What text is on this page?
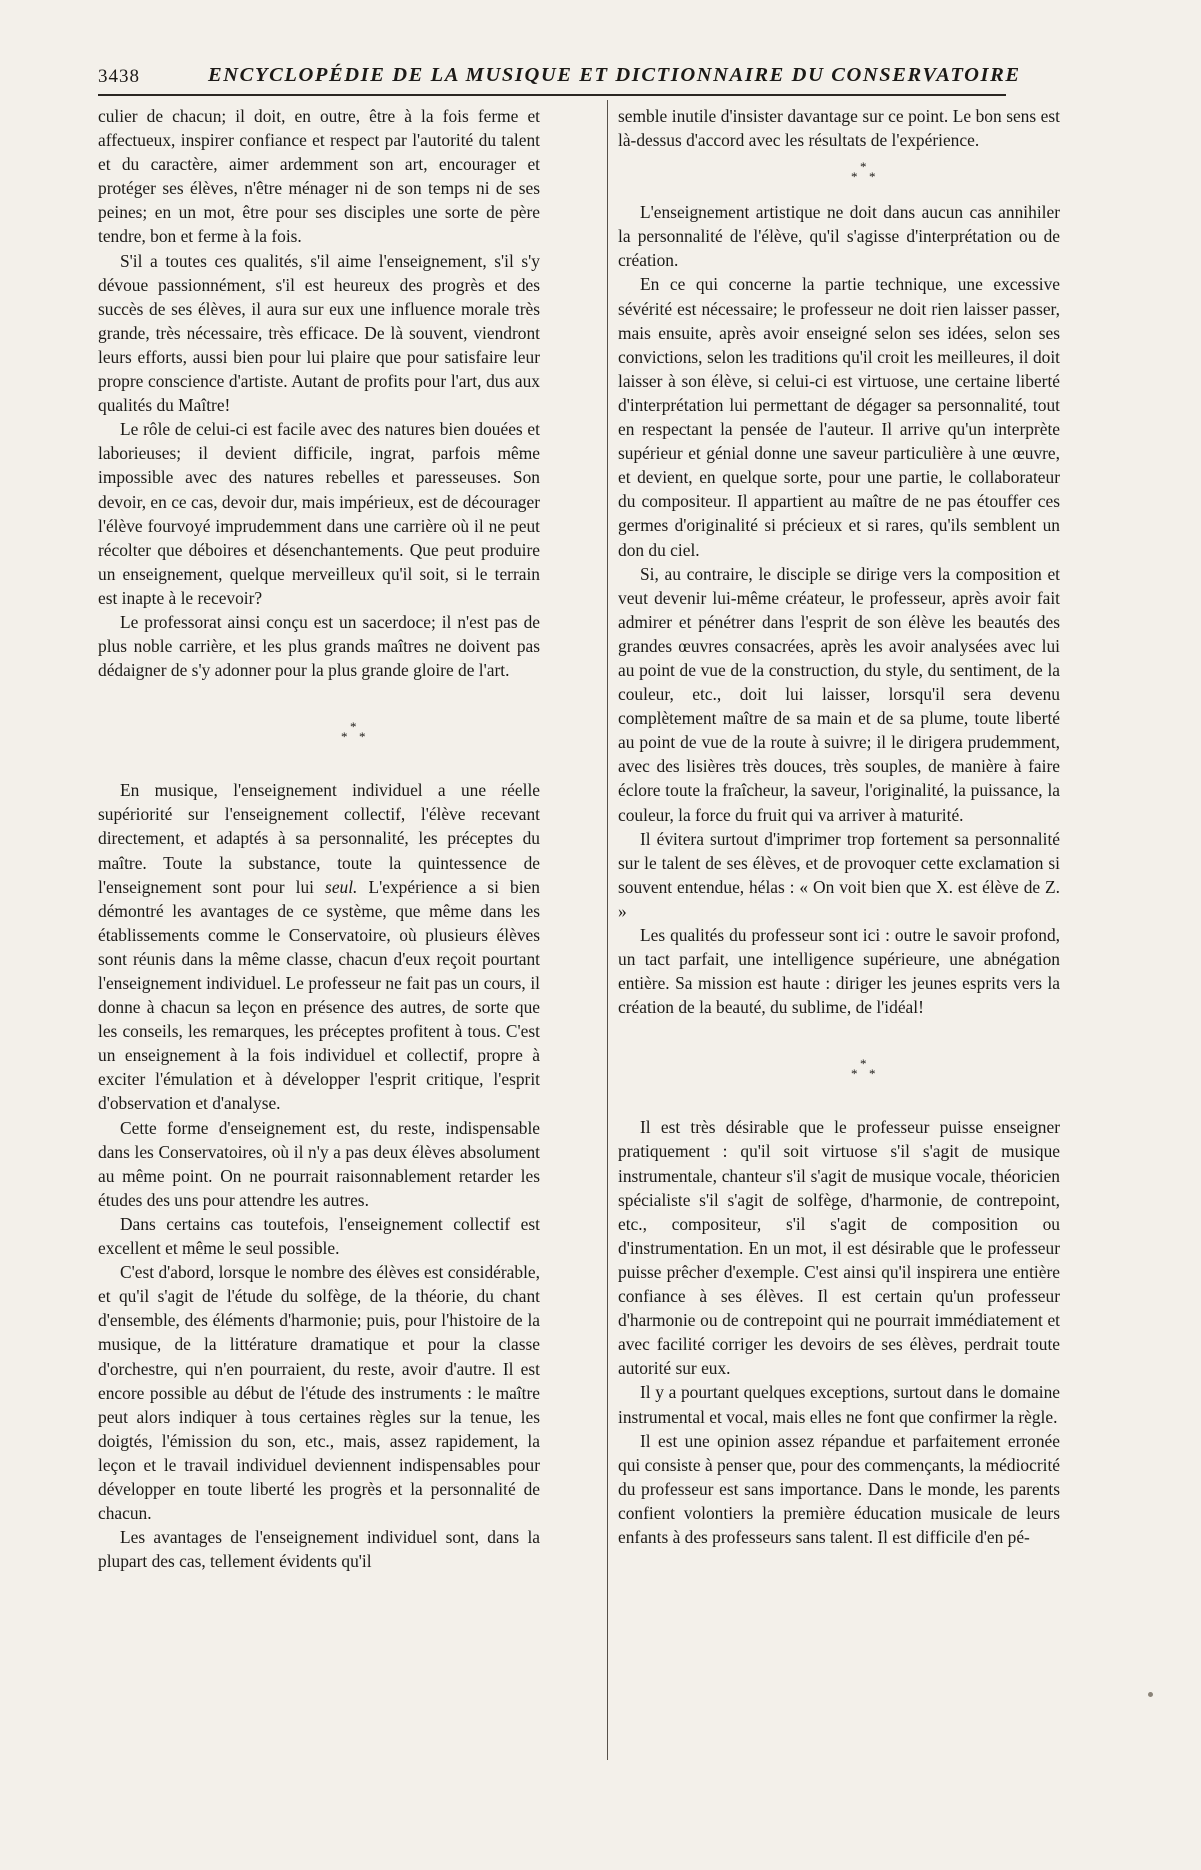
3438	ENCYCLOPÉDIE DE LA MUSIQUE ET DICTIONNAIRE DU CONSERVATOIRE

culier de chacun; il doit, en outre, être à la fois ferme et affectueux, inspirer confiance et respect par l'autorité du talent et du caractère, aimer ardemment son art, encourager et protéger ses élèves, n'être ménager ni de son temps ni de ses peines; en un mot, être pour ses disciples une sorte de père tendre, bon et ferme à la fois.

S'il a toutes ces qualités, s'il aime l'enseignement, s'il s'y dévoue passionnément, s'il est heureux des progrès et des succès de ses élèves, il aura sur eux une influence morale très grande, très nécessaire, très efficace. De là souvent, viendront leurs efforts, aussi bien pour lui plaire que pour satisfaire leur propre conscience d'artiste. Autant de profits pour l'art, dus aux qualités du Maître!

Le rôle de celui-ci est facile avec des natures bien douées et laborieuses; il devient difficile, ingrat, parfois même impossible avec des natures rebelles et paresseuses. Son devoir, en ce cas, devoir dur, mais impérieux, est de décourager l'élève fourvoyé imprudemment dans une carrière où il ne peut récolter que déboires et désenchantements. Que peut produire un enseignement, quelque merveilleux qu'il soit, si le terrain est inapte à le recevoir?

Le professorat ainsi conçu est un sacerdoce; il n'est pas de plus noble carrière, et les plus grands maîtres ne doivent pas dédaigner de s'y adonner pour la plus grande gloire de l'art.

*
* *

En musique, l'enseignement individuel a une réelle supériorité sur l'enseignement collectif, l'élève recevant directement, et adaptés à sa personnalité, les préceptes du maître. Toute la substance, toute la quintessence de l'enseignement sont pour lui seul. L'expérience a si bien démontré les avantages de ce système, que même dans les établissements comme le Conservatoire, où plusieurs élèves sont réunis dans la même classe, chacun d'eux reçoit pourtant l'enseignement individuel. Le professeur ne fait pas un cours, il donne à chacun sa leçon en présence des autres, de sorte que les conseils, les remarques, les préceptes profitent à tous. C'est un enseignement à la fois individuel et collectif, propre à exciter l'émulation et à développer l'esprit critique, l'esprit d'observation et d'analyse.

Cette forme d'enseignement est, du reste, indispensable dans les Conservatoires, où il n'y a pas deux élèves absolument au même point. On ne pourrait raisonnablement retarder les études des uns pour attendre les autres.

Dans certains cas toutefois, l'enseignement collectif est excellent et même le seul possible.

C'est d'abord, lorsque le nombre des élèves est considérable, et qu'il s'agit de l'étude du solfège, de la théorie, du chant d'ensemble, des éléments d'harmonie; puis, pour l'histoire de la musique, de la littérature dramatique et pour la classe d'orchestre, qui n'en pourraient, du reste, avoir d'autre. Il est encore possible au début de l'étude des instruments : le maître peut alors indiquer à tous certaines règles sur la tenue, les doigtés, l'émission du son, etc., mais, assez rapidement, la leçon et le travail individuel deviennent indispensables pour développer en toute liberté les progrès et la personnalité de chacun.

Les avantages de l'enseignement individuel sont, dans la plupart des cas, tellement évidents qu'il

semble inutile d'insister davantage sur ce point. Le bon sens est là-dessus d'accord avec les résultats de l'expérience.

*
* *

L'enseignement artistique ne doit dans aucun cas annihiler la personnalité de l'élève, qu'il s'agisse d'interprétation ou de création.

En ce qui concerne la partie technique, une excessive sévérité est nécessaire; le professeur ne doit rien laisser passer, mais ensuite, après avoir enseigné selon ses idées, selon ses convictions, selon les traditions qu'il croit les meilleures, il doit laisser à son élève, si celui-ci est virtuose, une certaine liberté d'interprétation lui permettant de dégager sa personnalité, tout en respectant la pensée de l'auteur. Il arrive qu'un interprète supérieur et génial donne une saveur particulière à une œuvre, et devient, en quelque sorte, pour une partie, le collaborateur du compositeur. Il appartient au maître de ne pas étouffer ces germes d'originalité si précieux et si rares, qu'ils semblent un don du ciel.

Si, au contraire, le disciple se dirige vers la composition et veut devenir lui-même créateur, le professeur, après avoir fait admirer et pénétrer dans l'esprit de son élève les beautés des grandes œuvres consacrées, après les avoir analysées avec lui au point de vue de la construction, du style, du sentiment, de la couleur, etc., doit lui laisser, lorsqu'il sera devenu complètement maître de sa main et de sa plume, toute liberté au point de vue de la route à suivre; il le dirigera prudemment, avec des lisières très douces, très souples, de manière à faire éclore toute la fraîcheur, la saveur, l'originalité, la puissance, la couleur, la force du fruit qui va arriver à maturité.

Il évitera surtout d'imprimer trop fortement sa personnalité sur le talent de ses élèves, et de provoquer cette exclamation si souvent entendue, hélas : « On voit bien que X. est élève de Z. »

Les qualités du professeur sont ici : outre le savoir profond, un tact parfait, une intelligence supérieure, une abnégation entière. Sa mission est haute : diriger les jeunes esprits vers la création de la beauté, du sublime, de l'idéal!

*
* *

Il est très désirable que le professeur puisse enseigner pratiquement : qu'il soit virtuose s'il s'agit de musique instrumentale, chanteur s'il s'agit de musique vocale, théoricien spécialiste s'il s'agit de solfège, d'harmonie, de contrepoint, etc., compositeur, s'il s'agit de composition ou d'instrumentation. En un mot, il est désirable que le professeur puisse prêcher d'exemple. C'est ainsi qu'il inspirera une entière confiance à ses élèves. Il est certain qu'un professeur d'harmonie ou de contrepoint qui ne pourrait immédiatement et avec facilité corriger les devoirs de ses élèves, perdrait toute autorité sur eux.

Il y a pourtant quelques exceptions, surtout dans le domaine instrumental et vocal, mais elles ne font que confirmer la règle.

Il est une opinion assez répandue et parfaitement erronée qui consiste à penser que, pour des commençants, la médiocrité du professeur est sans importance. Dans le monde, les parents confient volontiers la première éducation musicale de leurs enfants à des professeurs sans talent. Il est difficile d'en pé-
